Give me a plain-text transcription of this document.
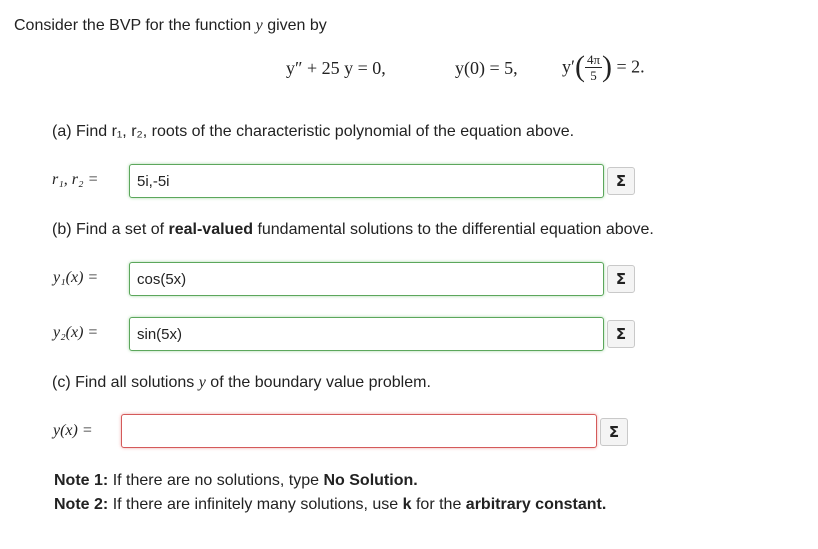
Consider the BVP for the function y given by
y″ + 25 y = 0,	y(0) = 5, $y'( \frac{4\pi}{5}$ ) = 2.
(a) Find r₁, r₂, roots of the characteristic polynomial of the equation above.
r₁, r₂ =	5i,-5i	Σ
(b) Find a set of real-valued fundamental solutions to the differential equation above.
y₁(x) =	cos(5x)	Σ
y₂(x) =	sin(5x)	Σ
(c) Find all solutions y of the boundary value problem.
y(x) =	Σ
Note 1: If there are no solutions, type No Solution.
Note 2: If there are infinitely many solutions, use k for the arbitrary constant.
